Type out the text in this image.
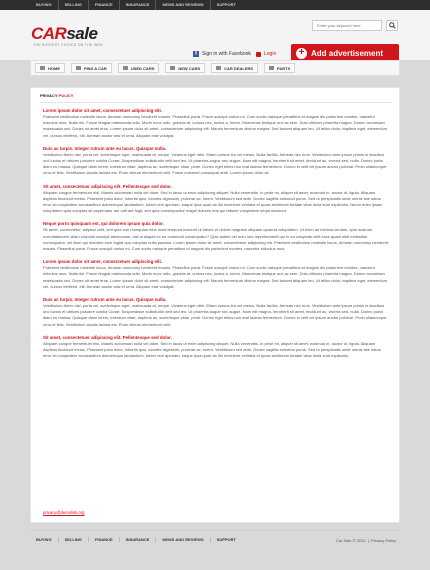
BUYING	SELLING	FINANCE	INSURANCE	NEWS AND REVIEWS	SUPPORT
CARsale
THE BIGGEST CHOICE ON THE WEB
Enter your keyword here
f	Sign in with Facebook	Login + Add advertisement
HOME	FIND A CAR	USED CARS	NEW CARS	CAR DEALERS	PARTS
PRIVACY POLICY
Lorem ipsum dolor sit amet, consectetuer adipiscing elit.

Praesent vestibulum molestie lacus. Aenean nonummy hendrerit mauris. Phasellus porta. Fusce suscipit varius mi. Cum sociis natoque penatibus et magnis dis parturient montes, nascetur ridiculus mus. Nulla dui. Fusce feugiat malesuada odio. Morbi nunc odio, gravida at, cursus nec, luctus a, lorem. Maecenas tristique orci ac sem. Duis ultricies pharetra magna. Donec accumsan malesuada orci. Donec sit amet eros. Lorem ipsum dolor sit amet, consectetuer adipiscing elit. Mauris fermentum dictum magna. Sed laoreet aliquam leo. Ut tellus dolor, dapibus eget, elementum vel, cursus eleifend, elit. Aenean auctor wisi et urna. Aliquam erat volutpat.

Duis ac turpis. Integer rutrum ante eu lacus. Quisque nulla.

Vestibulum libero nisl, porta vel, scelerisque eget, malesuada at, neque. Vivamus eget nibh. Etiam cursus leo vel metus. Nulla facilisi. Aenean nec eros. Vestibulum ante ipsum primis in faucibus orci luctus et ultrices posuere cubilia Curae; Suspendisse sollicitudin velit sed leo. Ut pharetra augue nec augue. Nam elit magna, hendrerit sit amet, tincidunt ac, viverra sed, nulla. Donec porta diam eu massa. Quisque diam lorem, interdum vitae, dapibus ac, scelerisque vitae, pede. Donec eget tellus non erat lacinia fermentum. Donec in velit vel ipsum auctor pulvinar. Proin ullamcorper urna et felis. Vestibulum iaculis lacinia est. Proin dictum elementum velit. Fusce euismod consequat ante. Lorem ipsum dolor sit.

Sit amet, consectetuer adipiscing elit. Pellentesque sed dolor.

Aliquam congue fermentum nisl. Mauris accumsan nulla vel diam. Sed in lacus ut enim adipiscing aliquet. Nulla venenatis. In pede mi, aliquet sit amet, euismod in, auctor ut, ligula. Aliquam dapibus tincidunt metus. Praesent justo dolor, lobortis quis, lobortis dignissim, pulvinar ac, lorem. Vestibulum sed ante. Donec sagittis euismod purus. Sed ut perspiciatis unde omnis iste natus error sit voluptatem accusantium doloremque laudantium, totam rem aperiam, eaque ipsa quae ab illo inventore veritatis et quasi architecto beatae vitae dicta sunt explicabo. Nemo enim ipsam voluptatem quia voluptas sit aspernatur aut odit aut fugit, sed quia consequuntur magni dolores eos qui ratione voluptatem sequi nesciunt.

Neque porro quisquam est, qui dolorem ipsum quia dolor.

Sit amet, consectetur, adipisci velit, sed quia non numquam eius modi tempora incidunt ut labore et dolore magnam aliquam quaerat voluptatem. Ut enim ad minima veniam, quis nostrum exercitationem ullam corporis suscipit laboriosam, nisi ut aliquid ex ea commodi consequatur? Quis autem vel eum iure reprehenderit qui in ea voluptate velit esse quam nihil molestiae consequatur, vel illum qui dolorem eum fugiat quo voluptas nulla pariatur. Lorem ipsum dolor sit amet, consectetuer adipiscing elit. Praesent vestibulum molestie lacus. Aenean nonummy hendrerit mauris. Phasellus porta. Fusce suscipit varius mi. Cum sociis natoque penatibus et magnis dis parturient montes, nascetur ridiculus mus.

Lorem ipsum dolor sit amet, consectetuer adipiscing elit.

Praesent vestibulum molestie lacus. Aenean nonummy hendrerit mauris. Phasellus porta. Fusce suscipit varius mi. Cum sociis natoque penatibus et magnis dis parturient montes, nascetur ridiculus mus. Nulla dui. Fusce feugiat malesuada odio. Morbi nunc odio, gravida at, cursus nec, luctus a, lorem. Maecenas tristique orci ac sem. Duis ultricies pharetra magna. Donec accumsan malesuada orci. Donec sit amet eros. Lorem ipsum dolor sit amet, consectetuer adipiscing elit. Mauris fermentum dictum magna. Sed laoreet aliquam leo. Ut tellus dolor, dapibus eget, elementum vel, cursus eleifend, elit. Aenean auctor wisi et urna. Aliquam erat volutpat.

Duis ac turpis. Integer rutrum ante eu lacus. Quisque nulla.

Vestibulum libero nisl, porta vel, scelerisque eget, malesuada at, neque. Vivamus eget nibh. Etiam cursus leo vel metus. Nulla facilisi. Aenean nec eros. Vestibulum ante ipsum primis in faucibus orci luctus et ultrices posuere cubilia Curae; Suspendisse sollicitudin velit sed leo. Ut pharetra augue nec augue. Nam elit magna, hendrerit sit amet, tincidunt ac, viverra sed, nulla. Donec porta diam eu massa. Quisque diam lorem, interdum vitae, dapibus ac, scelerisque vitae, pede. Donec eget tellus non erat lacinia fermentum. Donec in velit vel ipsum auctor pulvinar. Proin ullamcorper urna et felis. Vestibulum iaculis lacinia est. Proin dictum elementum velit.

Sit amet, consectetuer adipiscing elit. Pellentesque sed dolor.

Aliquam congue fermentum nisl. Mauris accumsan nulla vel diam. Sed in lacus ut enim adipiscing aliquet. Nulla venenatis. In pede mi, aliquet sit amet, euismod in, auctor ut, ligula. Aliquam dapibus tincidunt metus. Praesent justo dolor, lobortis quis, lobortis dignissim, pulvinar ac, lorem. Vestibulum sed ante. Donec sagittis euismod purus. Sed ut perspiciatis unde omnis iste natus error sit voluptatem accusantium doloremque laudantium, totam rem aperiam, eaque ipsa quae ab illo inventore veritatis et quasi architecto beatae vitae dicta sunt explicabo.

privacy@demolink.org
BUYING	SELLING	FINANCE	INSURANCE	NEWS AND REVIEWS	SUPPORT	Car Sale © 2012  |  Privacy Policy
